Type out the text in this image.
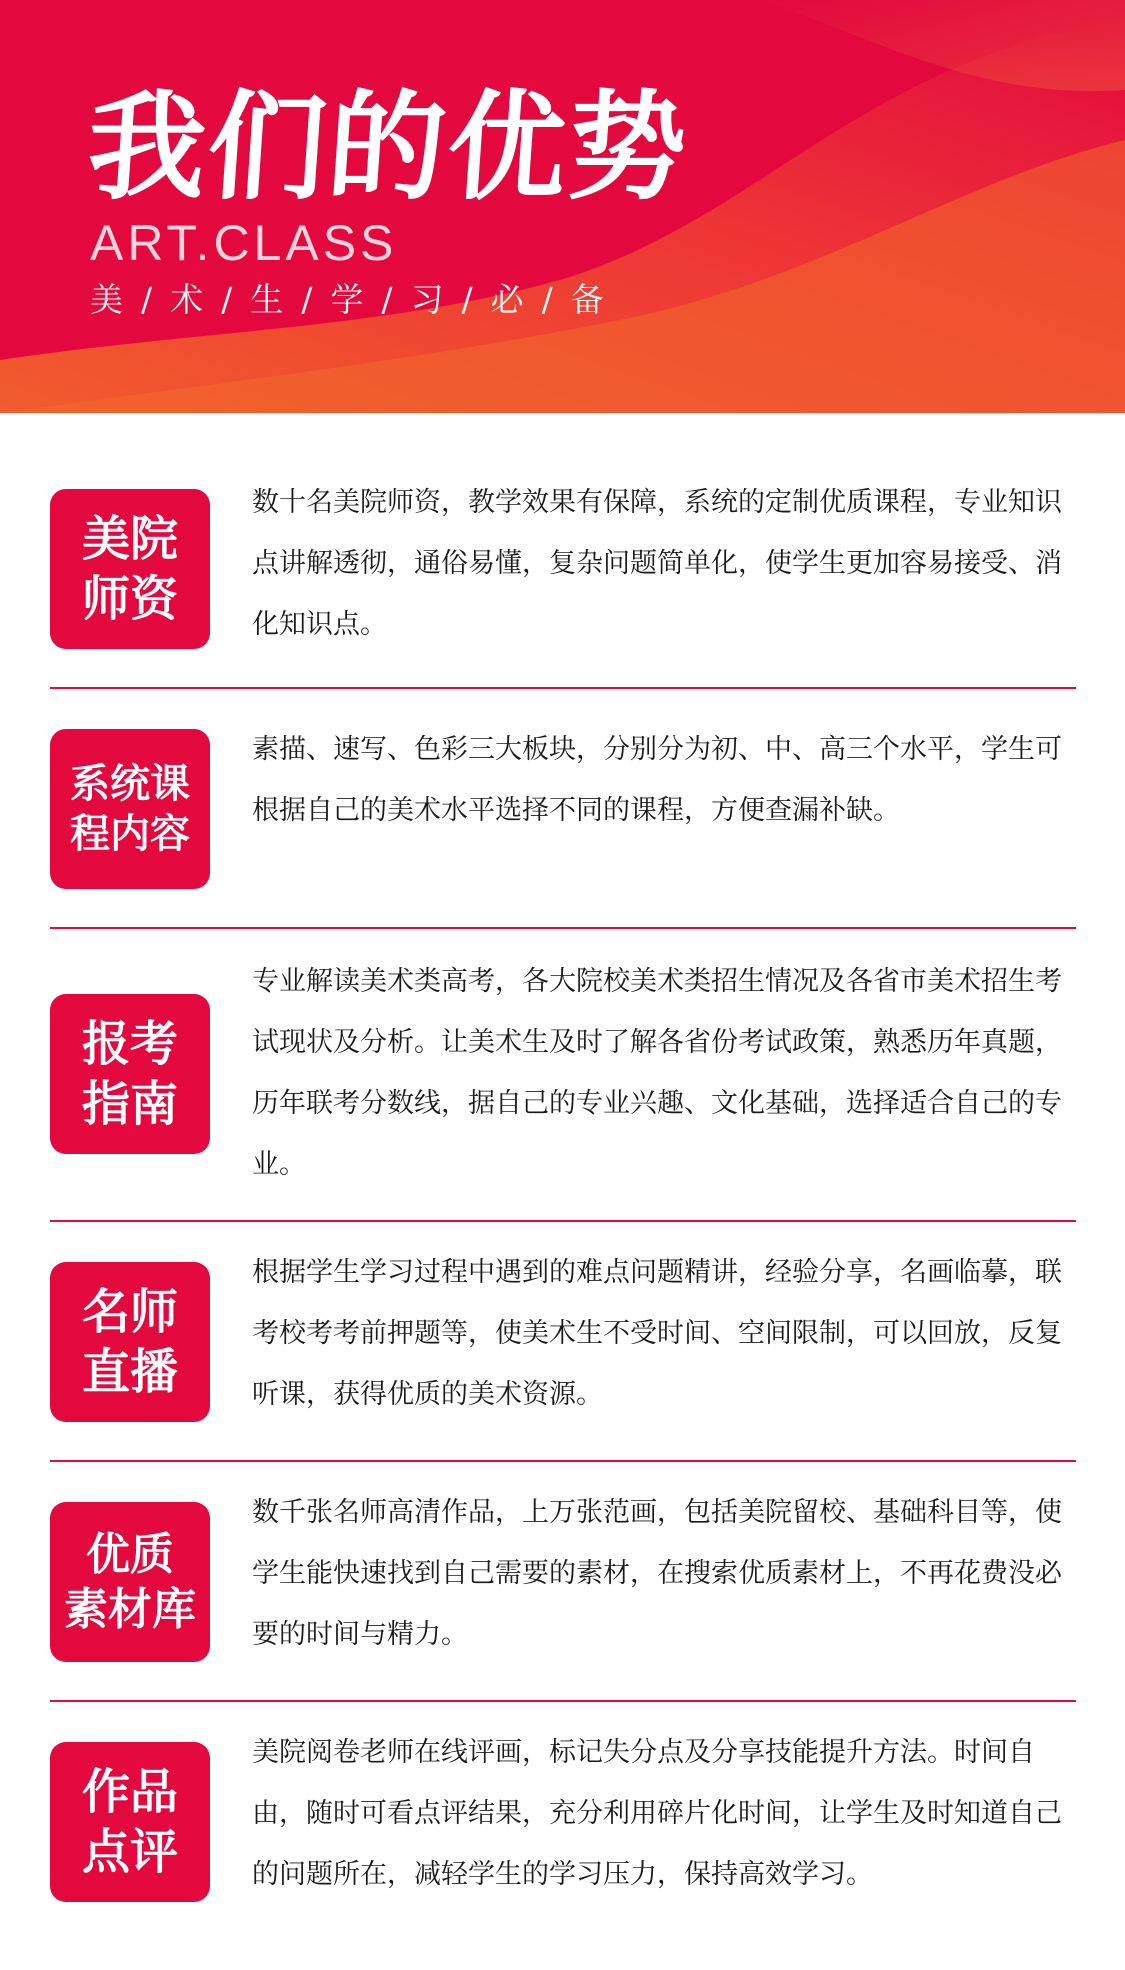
我们的优势
ART.CLASS
美 / 术 / 生 / 学 / 习 / 必 / 备
美院
师资

数十名美院师资，教学效果有保障，系统的定制优质课程，专业知识点讲解透彻，通俗易懂，复杂问题简单化，使学生更加容易接受、消化知识点。

系统课
程内容

素描、速写、色彩三大板块，分别分为初、中、高三个水平，学生可根据自己的美术水平选择不同的课程，方便查漏补缺。

报考
指南

专业解读美术类高考，各大院校美术类招生情况及各省市美术招生考试现状及分析。让美术生及时了解各省份考试政策，熟悉历年真题，历年联考分数线，据自己的专业兴趣、文化基础，选择适合自己的专业。

名师
直播

根据学生学习过程中遇到的难点问题精讲，经验分享，名画临摹，联考校考考前押题等，使美术生不受时间、空间限制，可以回放，反复听课，获得优质的美术资源。

优质
素材库

数千张名师高清作品，上万张范画，包括美院留校、基础科目等，使学生能快速找到自己需要的素材，在搜索优质素材上，不再花费没必要的时间与精力。

作品
点评

美院阅卷老师在线评画，标记失分点及分享技能提升方法。时间自由，随时可看点评结果，充分利用碎片化时间，让学生及时知道自己的问题所在，减轻学生的学习压力，保持高效学习。
